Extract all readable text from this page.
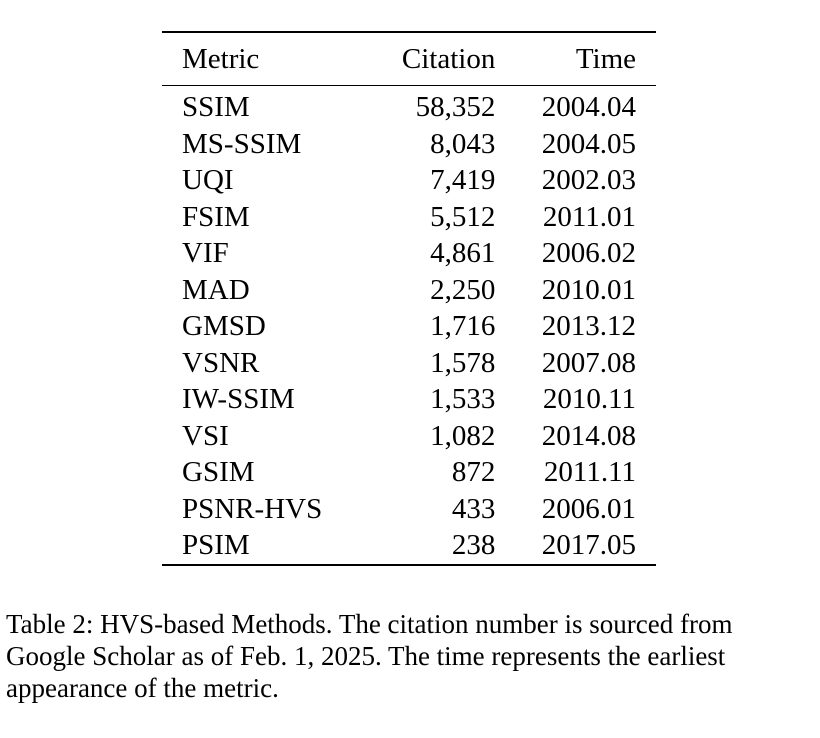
Metric	Citation	Time

SSIM	58,352	2004.04
MS-SSIM	8,043	2004.05
UQI	7,419	2002.03
FSIM	5,512	2011.01
VIF	4,861	2006.02
MAD	2,250	2010.01
GMSD	1,716	2013.12
VSNR	1,578	2007.08
IW-SSIM	1,533	2010.11
VSI	1,082	2014.08
GSIM	872	2011.11
PSNR-HVS	433	2006.01
PSIM	238	2017.05

Table 2: HVS-based Methods. The citation number is sourced from Google Scholar as of Feb. 1, 2025. The time represents the earliest appearance of the metric.
